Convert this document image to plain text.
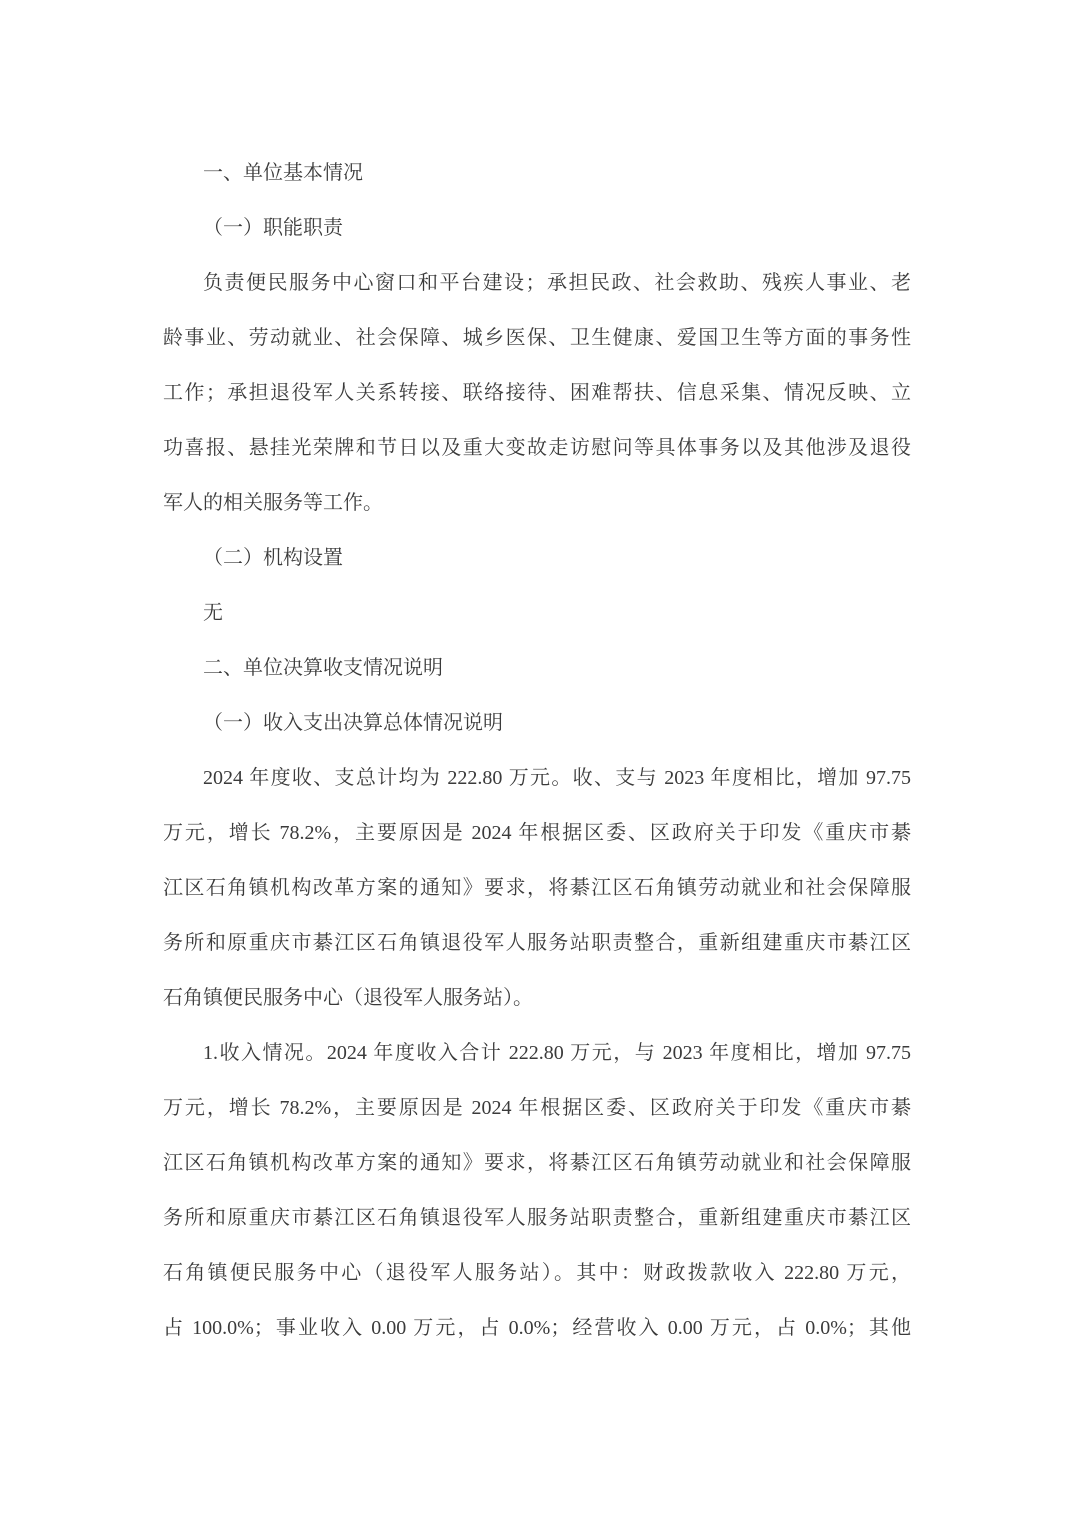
一、单位基本情况
（一）职能职责
负责便民服务中心窗口和平台建设；承担民政、社会救助、残疾人事业、老
龄事业、劳动就业、社会保障、城乡医保、卫生健康、爱国卫生等方面的事务性
工作；承担退役军人关系转接、联络接待、困难帮扶、信息采集、情况反映、立
功喜报、悬挂光荣牌和节日以及重大变故走访慰问等具体事务以及其他涉及退役
军人的相关服务等工作。
（二）机构设置
无
二、单位决算收支情况说明
（一）收入支出决算总体情况说明
2024 年度收、支总计均为 222.80 万元。收、支与 2023 年度相比，增加 97.75
万元，增长 78.2%，主要原因是 2024 年根据区委、区政府关于印发《重庆市綦
江区石角镇机构改革方案的通知》要求，将綦江区石角镇劳动就业和社会保障服
务所和原重庆市綦江区石角镇退役军人服务站职责整合，重新组建重庆市綦江区
石角镇便民服务中心（退役军人服务站）。
1.收入情况。2024 年度收入合计 222.80 万元，与 2023 年度相比，增加 97.75
万元，增长 78.2%，主要原因是 2024 年根据区委、区政府关于印发《重庆市綦
江区石角镇机构改革方案的通知》要求，将綦江区石角镇劳动就业和社会保障服
务所和原重庆市綦江区石角镇退役军人服务站职责整合，重新组建重庆市綦江区
石角镇便民服务中心（退役军人服务站）。其中：财政拨款收入 222.80 万元，
占 100.0%；事业收入 0.00 万元，占 0.0%；经营收入 0.00 万元，占 0.0%；其他
